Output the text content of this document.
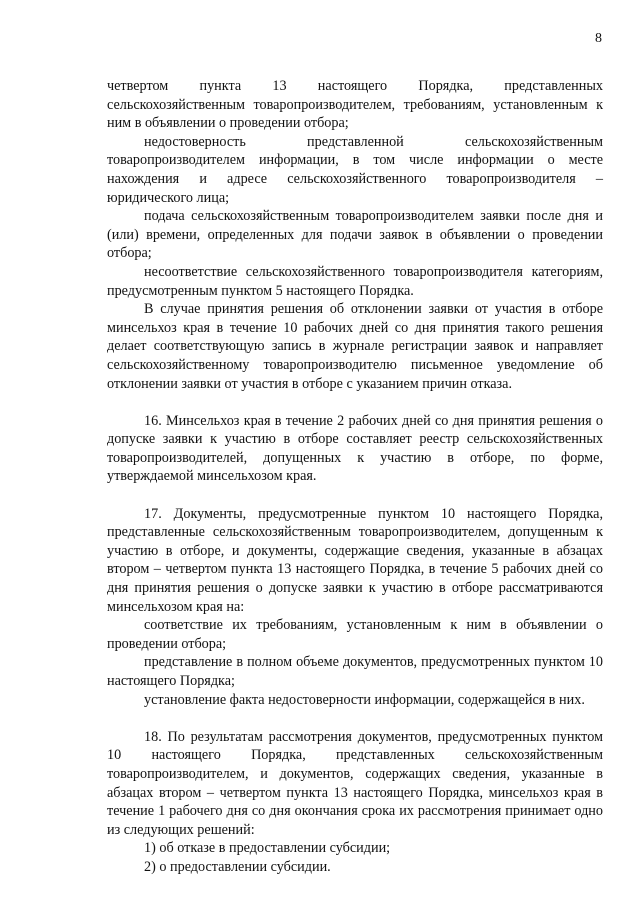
8

четвертом пункта 13 настоящего Порядка, представленных сельскохозяйственным товаропроизводителем, требованиям, установленным к ним в объявлении о проведении отбора;

недостоверность представленной сельскохозяйственным товаропроизводителем информации, в том числе информации о месте нахождения и адресе сельскохозяйственного товаропроизводителя – юридического лица;

подача сельскохозяйственным товаропроизводителем заявки после дня и (или) времени, определенных для подачи заявок в объявлении о проведении отбора;

несоответствие сельскохозяйственного товаропроизводителя категориям, предусмотренным пунктом 5 настоящего Порядка.

В случае принятия решения об отклонении заявки от участия в отборе минсельхоз края в течение 10 рабочих дней со дня принятия такого решения делает соответствующую запись в журнале регистрации заявок и направляет сельскохозяйственному товаропроизводителю письменное уведомление об отклонении заявки от участия в отборе с указанием причин отказа.

16. Минсельхоз края в течение 2 рабочих дней со дня принятия решения о допуске заявки к участию в отборе составляет реестр сельскохозяйственных товаропроизводителей, допущенных к участию в отборе, по форме, утверждаемой минсельхозом края.

17. Документы, предусмотренные пунктом 10 настоящего Порядка, представленные сельскохозяйственным товаропроизводителем, допущенным к участию в отборе, и документы, содержащие сведения, указанные в абзацах втором – четвертом пункта 13 настоящего Порядка, в течение 5 рабочих дней со дня принятия решения о допуске заявки к участию в отборе рассматриваются минсельхозом края на:

соответствие их требованиям, установленным к ним в объявлении о проведении отбора;

представление в полном объеме документов, предусмотренных пунктом 10 настоящего Порядка;

установление факта недостоверности информации, содержащейся в них.

18. По результатам рассмотрения документов, предусмотренных пунктом 10 настоящего Порядка, представленных сельскохозяйственным товаропроизводителем, и документов, содержащих сведения, указанные в абзацах втором – четвертом пункта 13 настоящего Порядка, минсельхоз края в течение 1 рабочего дня со дня окончания срока их рассмотрения принимает одно из следующих решений:

1) об отказе в предоставлении субсидии;

2) о предоставлении субсидии.
